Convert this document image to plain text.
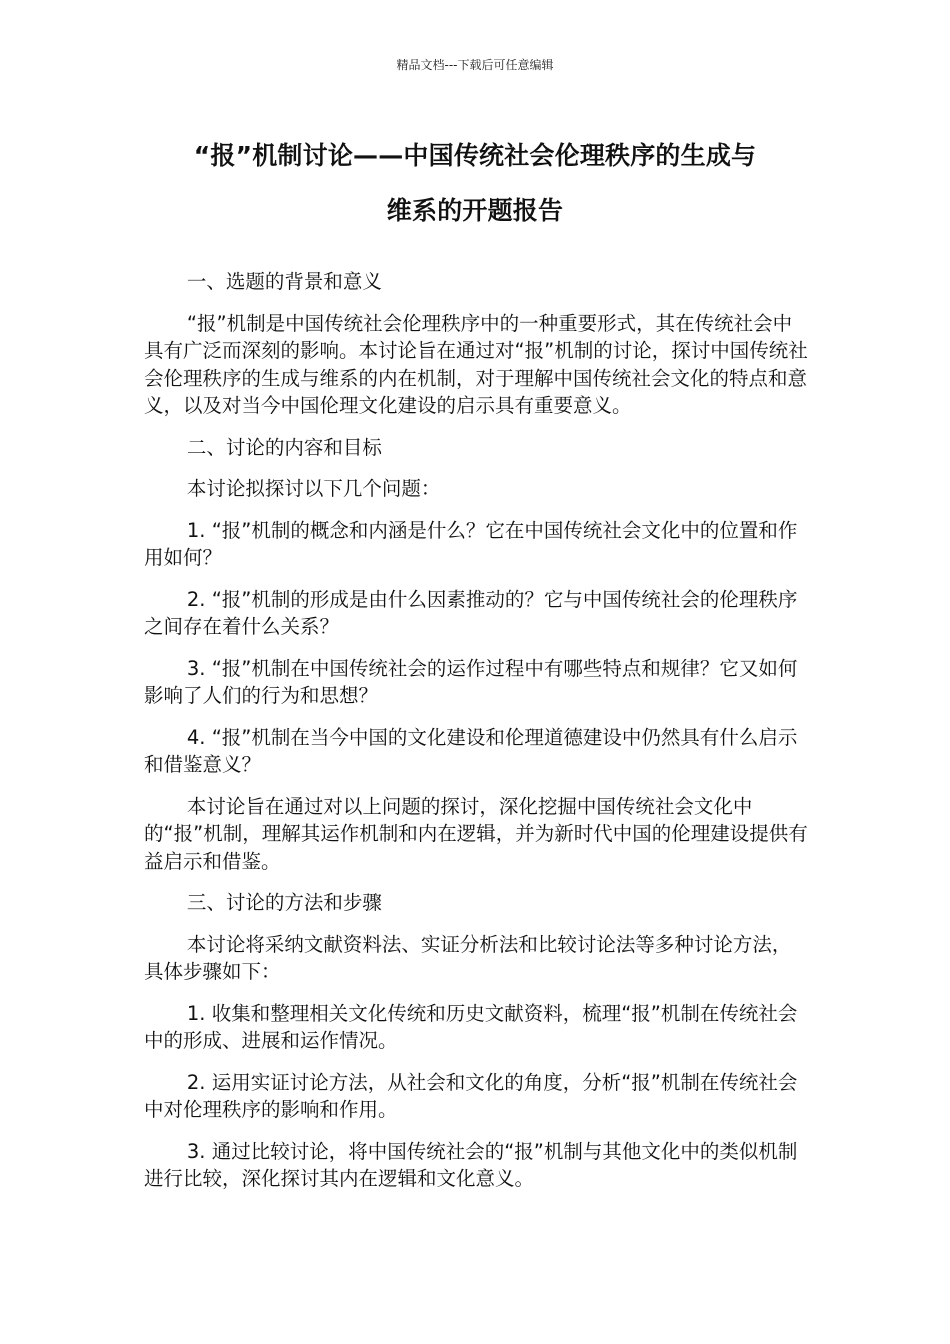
精品文档---下载后可任意编辑
“报”机制讨论——中国传统社会伦理秩序的生成与
维系的开题报告

一、选题的背景和意义

“报”机制是中国传统社会伦理秩序中的一种重要形式，其在传统社会中具有广泛而深刻的影响。本讨论旨在通过对“报”机制的讨论，探讨中国传统社会伦理秩序的生成与维系的内在机制，对于理解中国传统社会文化的特点和意义，以及对当今中国伦理文化建设的启示具有重要意义。

二、讨论的内容和目标

本讨论拟探讨以下几个问题：

1. “报”机制的概念和内涵是什么？它在中国传统社会文化中的位置和作用如何？

2. “报”机制的形成是由什么因素推动的？它与中国传统社会的伦理秩序之间存在着什么关系？

3. “报”机制在中国传统社会的运作过程中有哪些特点和规律？它又如何影响了人们的行为和思想？

4. “报”机制在当今中国的文化建设和伦理道德建设中仍然具有什么启示和借鉴意义？

本讨论旨在通过对以上问题的探讨，深化挖掘中国传统社会文化中的“报”机制，理解其运作机制和内在逻辑，并为新时代中国的伦理建设提供有益启示和借鉴。

三、讨论的方法和步骤

本讨论将采纳文献资料法、实证分析法和比较讨论法等多种讨论方法，具体步骤如下：

1. 收集和整理相关文化传统和历史文献资料，梳理“报”机制在传统社会中的形成、进展和运作情况。

2. 运用实证讨论方法，从社会和文化的角度，分析“报”机制在传统社会中对伦理秩序的影响和作用。

3. 通过比较讨论，将中国传统社会的“报”机制与其他文化中的类似机制进行比较，深化探讨其内在逻辑和文化意义。
